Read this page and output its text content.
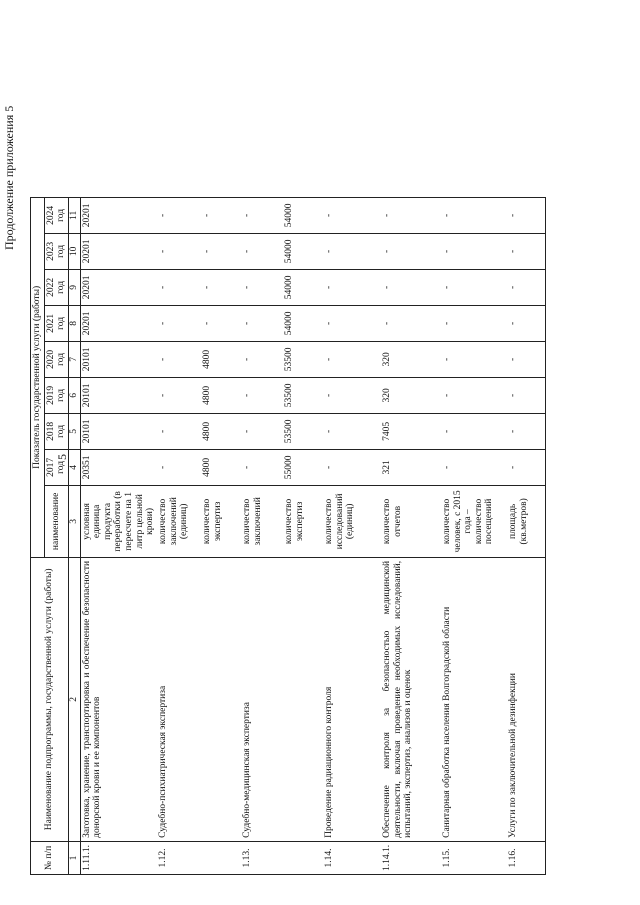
5
Продолжение приложения 5
№ п/п	Наименование подпрограммы, государственной услуги (работы)	Показатель государственной услуги (работы)								
		наименование	2017 год	2018 год	2019 год	2020 год	2021 год	2022 год	2023 год	2024 год
1	2	3	4	5	6	7	8	9	10	11
1.11.1.	Заготовка, хранение, транспортировка и обеспечение безопасности донорской крови и ее компонентов	условная единица продукта переработки (в пересчете на 1 литр цельной крови)	20351	20101	20101	20101	20201	20201	20201	20201
1.12.	Судебно-психиатрическая экспертиза	количество заключений (единиц)	-	-	-	-	-	-	-	-
		количество экспертиз	4800	4800	4800	4800	-	-	-	-
1.13.	Судебно-медицинская экспертиза	количество заключений	-	-	-	-	-	-	-	-
		количество экспертиз	55000	53500	53500	53500	54000	54000	54000	54000
1.14.	Проведение радиационного контроля	количество исследований (единиц)	-	-	-	-	-	-	-	-
1.14.1.	Обеспечение контроля за безопасностью медицинской деятельности, включая проведение необходимых исследований, испытаний, экспертиз, анализов и оценок	количество отчетов	321	7405	320	320	-	-	-	-
1.15.	Санитарная обработка населения Волгоградской области	количество человек, с 2015 года – количество посещений	-	-	-	-	-	-	-	-
1.16.	Услуги по заключительной дезинфекции	площадь (кв.метров)	-	-	-	-	-	-	-	-
